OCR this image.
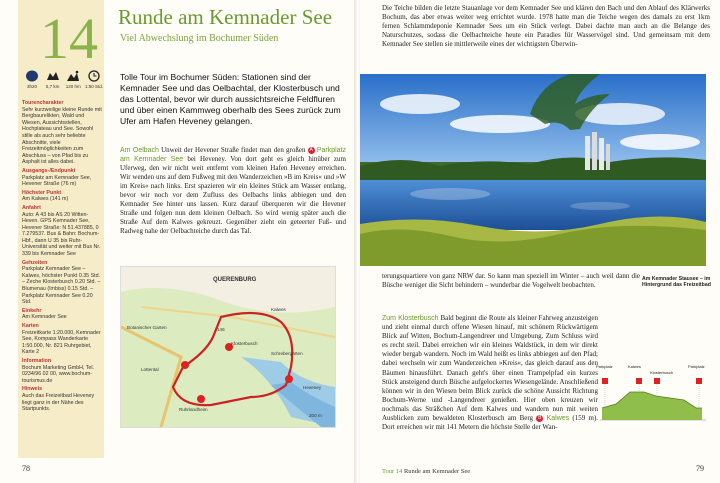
14
3h20 5,7 km 120 hm 1:50 Std.
Tourencharakter
Sehr kurzweilige kleine Runde mit Bergbaurelikten, Wald und Wiesen, Aussichtsstellen, Hochplateau und See. Sowohl stille als auch sehr beliebte Abschnitte, viele Freizeitmöglichkeiten zum Abschluss – von Pfad bis zu Asphalt ist alles dabei.
Ausgangs-/Endpunkt
Parkplatz am Kemnader See, Hevener Straße (76 m)
Höchster Punkt
Am Kalwes (141 m)
Anfahrt
Auto: A 43 bis AS 20 Witten-Heven. GPS Kemnader See, Hevener Straße: N 51.437885, 0 7.279537. Bus & Bahn: Bochum-Hbf., dann U 35 bis Ruhr-Universität und weiter mit Bus Nr. 339 bis Kemnader See
Gehzeiten
Parkplatz Kemnader See – Kalwes, höchster Punkt 0.35 Std. – Zeche Klosterbusch 0.20 Std. – Blumenau (Imbiss) 0.15 Std. – Parkplatz Kemnader See 0.20 Std.
Einkehr
Am Kemnader See
Karten
Freizeitkarte 1:20.000, Kemnader See, Kompass Wanderkarte 1:50.000, Nr. 821 Ruhrgebiet, Karte 2
Information
Bochum Marketing GmbH, Tel. 0234/96 02 00, www.bochum-tourismus.de
Hinweis
Auch das Freizeitbad Heveney liegt ganz in der Nähe des Startpunkts.
Runde am Kemnader See
Viel Abwechslung im Bochumer Süden
Tolle Tour im Bochumer Süden: Stationen sind der Kemnader See und das Oelbachtal, der Klosterbusch und das Lottental, bevor wir durch aussichtsreiche Feldfluren und über einen Kammweg oberhalb des Sees zurück zum Ufer am Hafen Heveney gelangen.
Am Oelbach Unweit der Hevener Straße findet man den großen A Parkplatz am Kemnader See bei Heveney. Von dort geht es gleich hinüber zum Uferweg, den wir nicht weit entfernt vom kleinen Hafen Heveney erreichen. Wir wenden uns auf dem Fußweg mit den Wanderzeichen »B im Kreis« und »W im Kreis« nach links. Erst spazieren wir ein kleines Stück am Wasser entlang, bevor wir noch vor dem Zufluss des Oelbachs links abbiegen und den Kemnader See hinter uns lassen. Kurz darauf überqueren wir die Hevener Straße und folgen nun dem kleinen Oelbach. So wird wenig später auch die Straße Auf dem Kalwes gekreuzt. Gegenüber zieht ein geteerter Fuß- und Radweg nahe der Oelbachteiche durch das Tal.
QUERENBURG
Klosterbusch
Kalwes
Ruhrlandheim
Botanischer Garten
Lottental
Schrebergärten
Heveney
200 m
146
78
Die Teiche bilden die letzte Stauanlage vor dem Kemnader See und klären den Bach und den Ablauf des Klärwerks Bochum, das aber etwas weiter weg errichtet wurde. 1978 hatte man die Teiche wegen des damals zu erst 1km fernen Schlammdeponie Kemnader Sees um ein Stück verlegt. Dabei dachte man auch an die Belange des Naturschutzes, sodass die Oelbachteiche heute ein Paradies für Wasservögel sind. Und gemeinsam mit dem Kemnader See stellen sie mittlerweile eines der wichtigsten Überwin-
Am Kemnader Stausee – im Hintergrund das Freizeitbad
terungsquartiere von ganz NRW dar. So kann man speziell im Winter – auch weil dann die Büsche weniger die Sicht behindern – wunderbar die Vogelwelt beobachten.
Zum Klosterbusch Bald beginnt die Route als kleiner Fahrweg anzusteigen und zieht einmal durch offene Wiesen hinauf, mit schönem Rückwärtigem Blick auf Witten, Bochum-Langendreer und Umgebung. Zum Schluss wird es recht steil. Dabei erreichen wir ein kleines Waldstück, in dem wir direkt wieder bergab wandern. Noch im Wald heißt es links abbiegen auf den Pfad; dabei wechseln wir zum Wanderzeichen »Kreis«, das gleich darauf aus den Bäumen hinausführt. Danach geht's über einen Trampelpfad ein kurzes Stück ansteigend durch Büsche aufgelockertes Wiesengelände. Anschließend können wir in den Wiesen beim Blick zurück die schöne Aussicht Richtung Bochum-Werne und -Langendreer genießen. Hier oben kreuzen wir nochmals das Sträßchen Auf dem Kalwes und wandern nun mit weiten Ausblicken zum bewaldeten Klosterbusch am Berg B Kalwes (159 m). Dort erreichen wir mit 141 Metern die höchste Stelle der Wan-
Parkplatz	Kalwes
Klosterbusch
Parkplatz
Tour 14 Runde am Kemnader See	79
